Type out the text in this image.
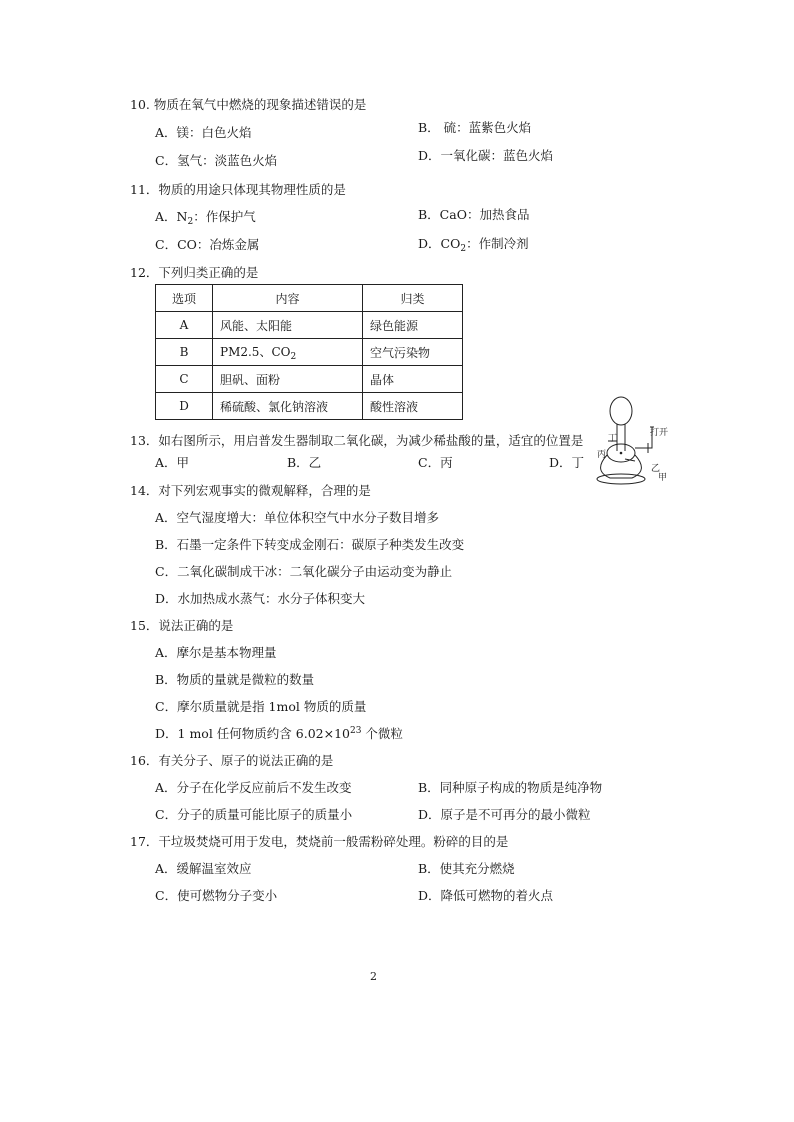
10. 物质在氧气中燃烧的现象描述错误的是
A．镁：白色火焰	B． 硫：蓝紫色火焰
C．氢气：淡蓝色火焰	D．一氧化碳：蓝色火焰
11．物质的用途只体现其物理性质的是
A．$N_2$：作保护气	B．CaO：加热食品
C．CO：冶炼金属	D．$CO_2$：作制冷剂
12．下列归类正确的是
选项	内容	归类
A	风能、太阳能	绿色能源
B	PM2.5、$CO_2$	空气污染物
C	胆矾、面粉	晶体
D	稀硫酸、氯化钠溶液	酸性溶液
打开
丁
丙
乙
甲
13．如右图所示，用启普发生器制取二氧化碳，为减少稀盐酸的量，适宜的位置是
A．甲	B．乙	C．丙	D．丁
14．对下列宏观事实的微观解释，合理的是
A．空气湿度增大：单位体积空气中水分子数目增多
B．石墨一定条件下转变成金刚石：碳原子种类发生改变
C．二氧化碳制成干冰：二氧化碳分子由运动变为静止
D．水加热成水蒸气：水分子体积变大
15．说法正确的是
A．摩尔是基本物理量
B．物质的量就是微粒的数量
C．摩尔质量就是指 1mol 物质的质量
D．1 mol 任何物质约含 $6.02\times 10^{23}$ 个微粒
16．有关分子、原子的说法正确的是
A．分子在化学反应前后不发生改变	B．同种原子构成的物质是纯净物
C．分子的质量可能比原子的质量小	D．原子是不可再分的最小微粒
17．干垃圾焚烧可用于发电，焚烧前一般需粉碎处理。粉碎的目的是
A．缓解温室效应	B．使其充分燃烧
C．使可燃物分子变小	D．降低可燃物的着火点
2
